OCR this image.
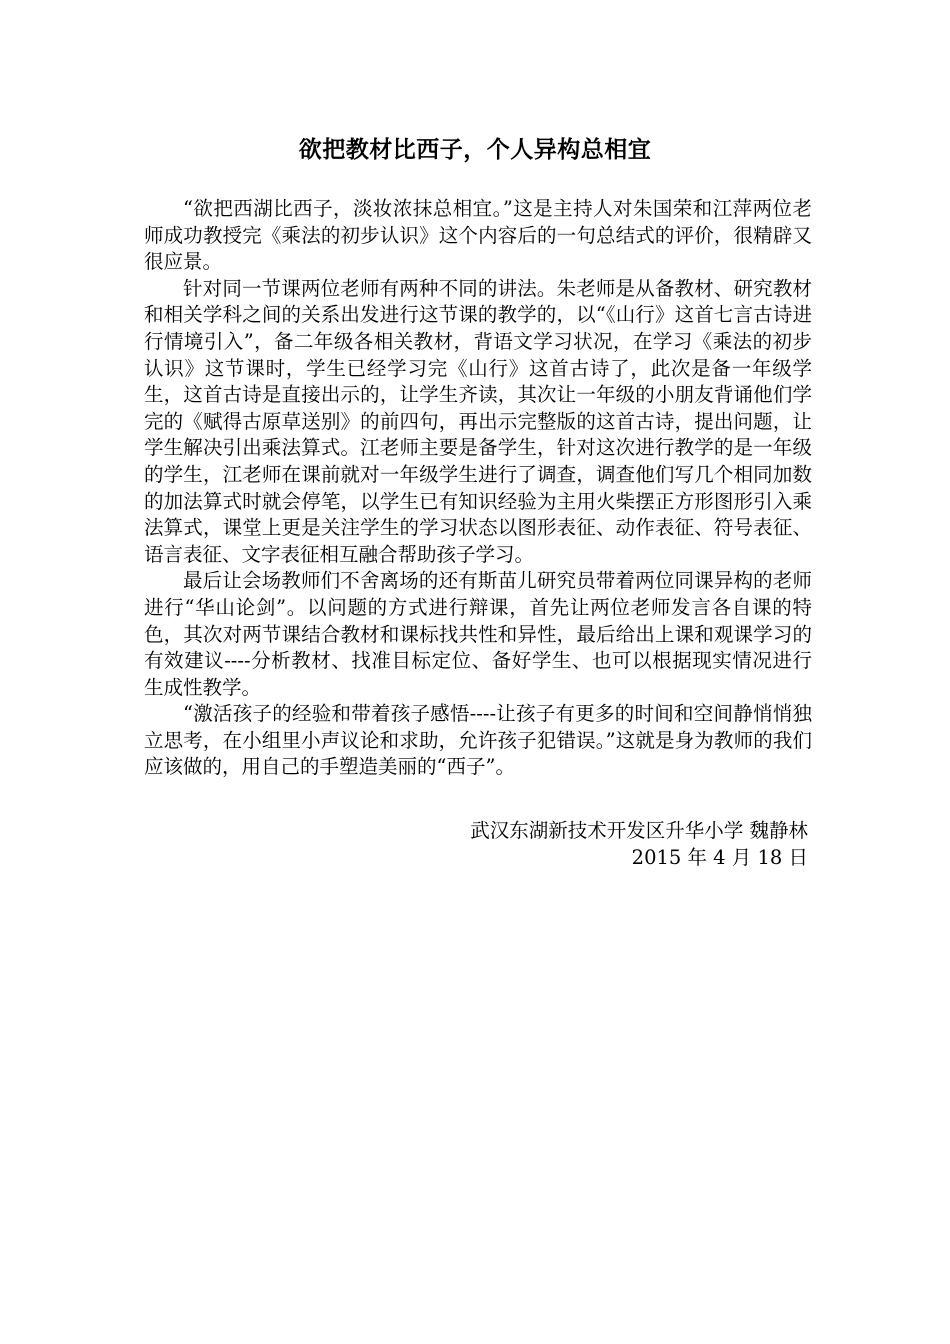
欲把教材比西子，个人异构总相宜

“欲把西湖比西子，淡妆浓抹总相宜。”这是主持人对朱国荣和江萍两位老师成功教授完《乘法的初步认识》这个内容后的一句总结式的评价，很精辟又很应景。

针对同一节课两位老师有两种不同的讲法。朱老师是从备教材、研究教材和相关学科之间的关系出发进行这节课的教学的，以“《山行》这首七言古诗进行情境引入”，备二年级各相关教材，背语文学习状况，在学习《乘法的初步认识》这节课时，学生已经学习完《山行》这首古诗了，此次是备一年级学生，这首古诗是直接出示的，让学生齐读，其次让一年级的小朋友背诵他们学完的《赋得古原草送别》的前四句，再出示完整版的这首古诗，提出问题，让学生解决引出乘法算式。江老师主要是备学生，针对这次进行教学的是一年级的学生，江老师在课前就对一年级学生进行了调查，调查他们写几个相同加数的加法算式时就会停笔，以学生已有知识经验为主用火柴摆正方形图形引入乘法算式，课堂上更是关注学生的学习状态以图形表征、动作表征、符号表征、语言表征、文字表征相互融合帮助孩子学习。

最后让会场教师们不舍离场的还有斯苗儿研究员带着两位同课异构的老师进行“华山论剑”。以问题的方式进行辩课，首先让两位老师发言各自课的特色，其次对两节课结合教材和课标找共性和异性，最后给出上课和观课学习的有效建议----分析教材、找准目标定位、备好学生、也可以根据现实情况进行生成性教学。

“激活孩子的经验和带着孩子感悟----让孩子有更多的时间和空间静悄悄独立思考，在小组里小声议论和求助，允许孩子犯错误。”这就是身为教师的我们应该做的，用自己的手塑造美丽的“西子”。

武汉东湖新技术开发区升华小学 魏静林
2015 年 4 月 18 日
